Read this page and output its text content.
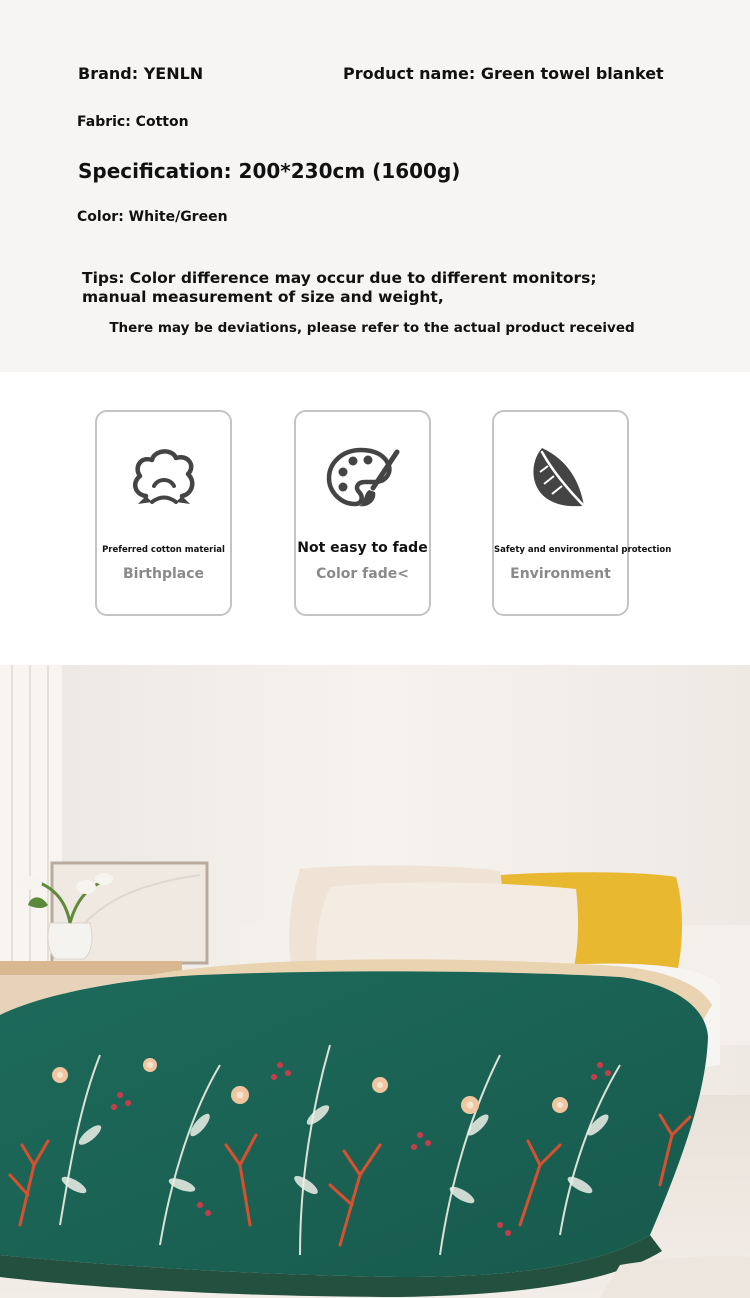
Brand: YENLN	Product name: Green towel blanket
Fabric: Cotton
Specification: 200*230cm (1600g)
Color: White/Green
Tips: Color difference may occur due to different monitors; manual measurement of size and weight,
There may be deviations, please refer to the actual product received
Preferred cotton material
Birthplace
Not easy to fade
Color fade<
Safety and environmental protection
Environment
